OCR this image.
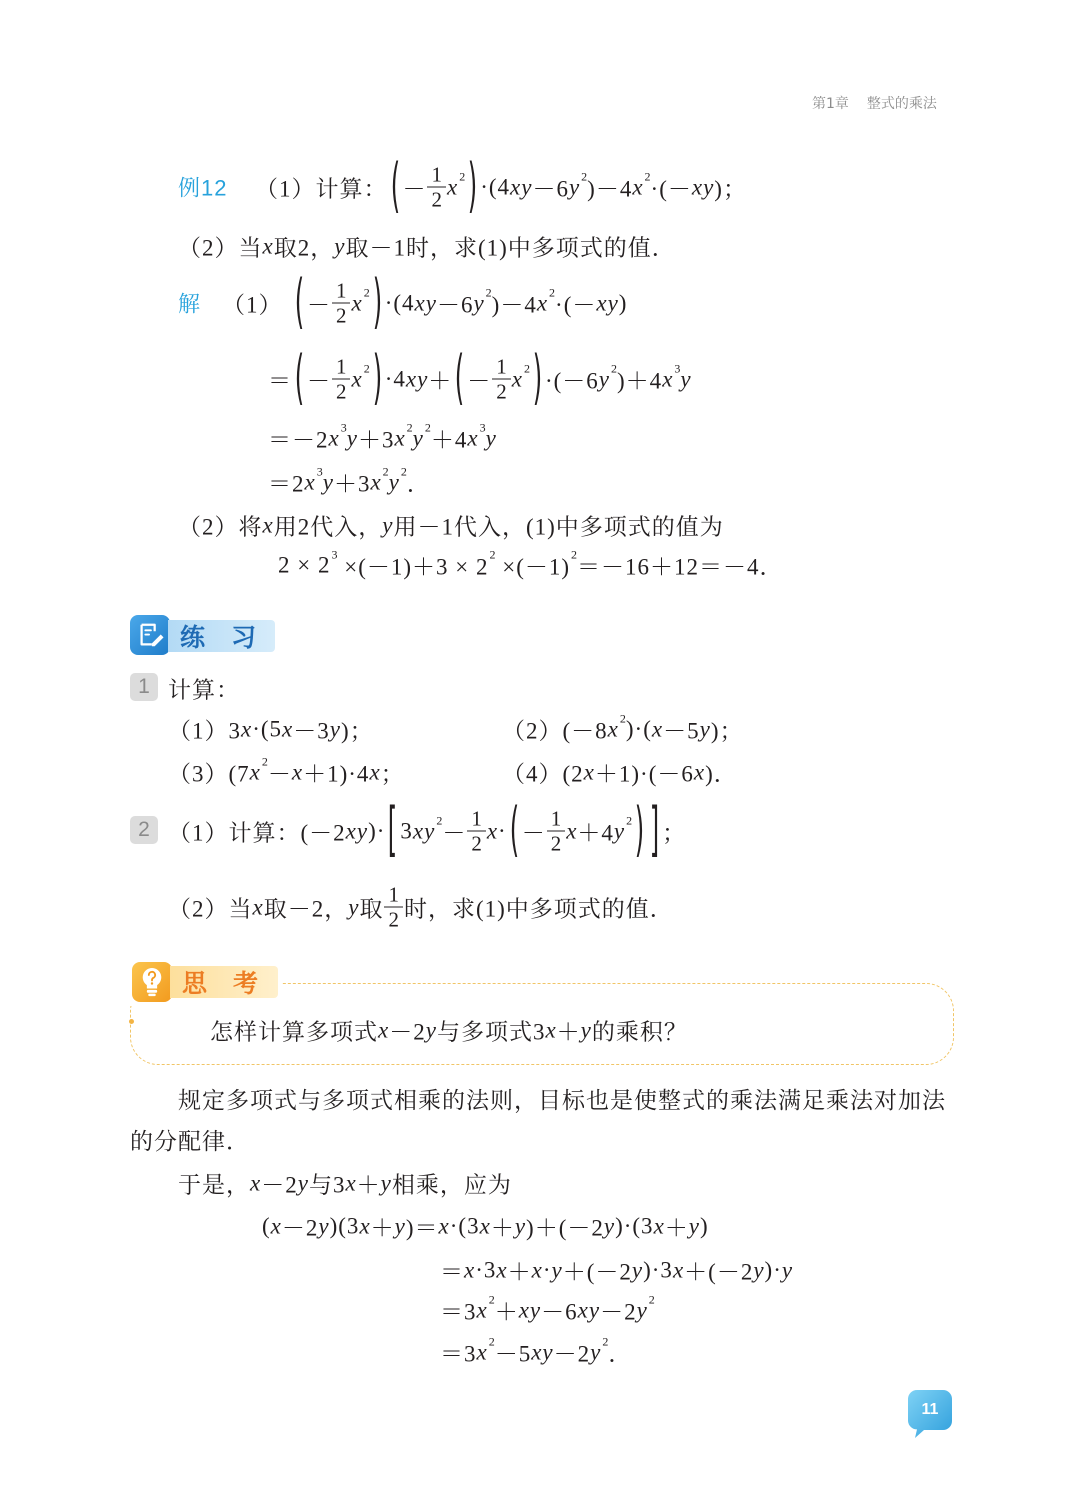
第1章 整式的乘法
例12 （1）计算： ( － $\frac{1}{2}$ x 2 ) ·(4 xy －6 y 2 )－4 x 2 ·(－ xy )；
（2）当 x 取2， y 取－1时，求(1)中多项式的值．
解 （1） ( － $\frac{1}{2}$ x 2 ) ·(4 xy －6 y 2 )－4 x 2 ·(－ xy )
＝ ( － $\frac{1}{2}$ x 2 ) ·4 xy ＋ ( － $\frac{1}{2}$ x 2 ) ·(－6 y 2 )＋4 x 3 y
＝－2 x 3 y ＋3 x 2 y 2 ＋4 x 3 y
＝2 x 3 y ＋3 x 2 y 2 ．
（2）将 x 用2代入， y 用－1代入，(1)中多项式的值为
2 × 2 3 ×(－1)＋3 × 2 2 ×(－1) 2 ＝－16＋12＝－4．
练习
1 计算：
（1）3 x ·(5 x －3 y )；	（2）(－8 x 2 )·( x －5 y )；
（3）(7 x 2 － x ＋1)·4 x ；	（4）(2 x ＋1)·(－6 x )．
2 （1）计算：(－2 xy )· [ 3 xy $2 - \frac{1}{2}$ x · ( － $\frac{1}{2}$ x ＋4 y 2 ) ] ；
（2）当 x 取－2， y 取 $\frac{1}{2}$ 时，求(1)中多项式的值．
思考
怎样计算多项式 x －2 y 与多项式3 x ＋ y 的乘积？
规定多项式与多项式相乘的法则，目标也是使整式的乘法满足乘法对加法的分配律．
于是， x －2 y 与3 x ＋ y 相乘，应为
( x －2 y )(3 x ＋ y )＝ x ·(3 x ＋ y )＋(－2 y )·(3 x ＋ y )
＝ x ·3 x ＋ x · y ＋(－2 y )·3 x ＋(－2 y )· y
＝3 x 2 ＋ xy －6 xy －2 y 2
＝3 x 2 －5 xy －2 y 2 ．
11
